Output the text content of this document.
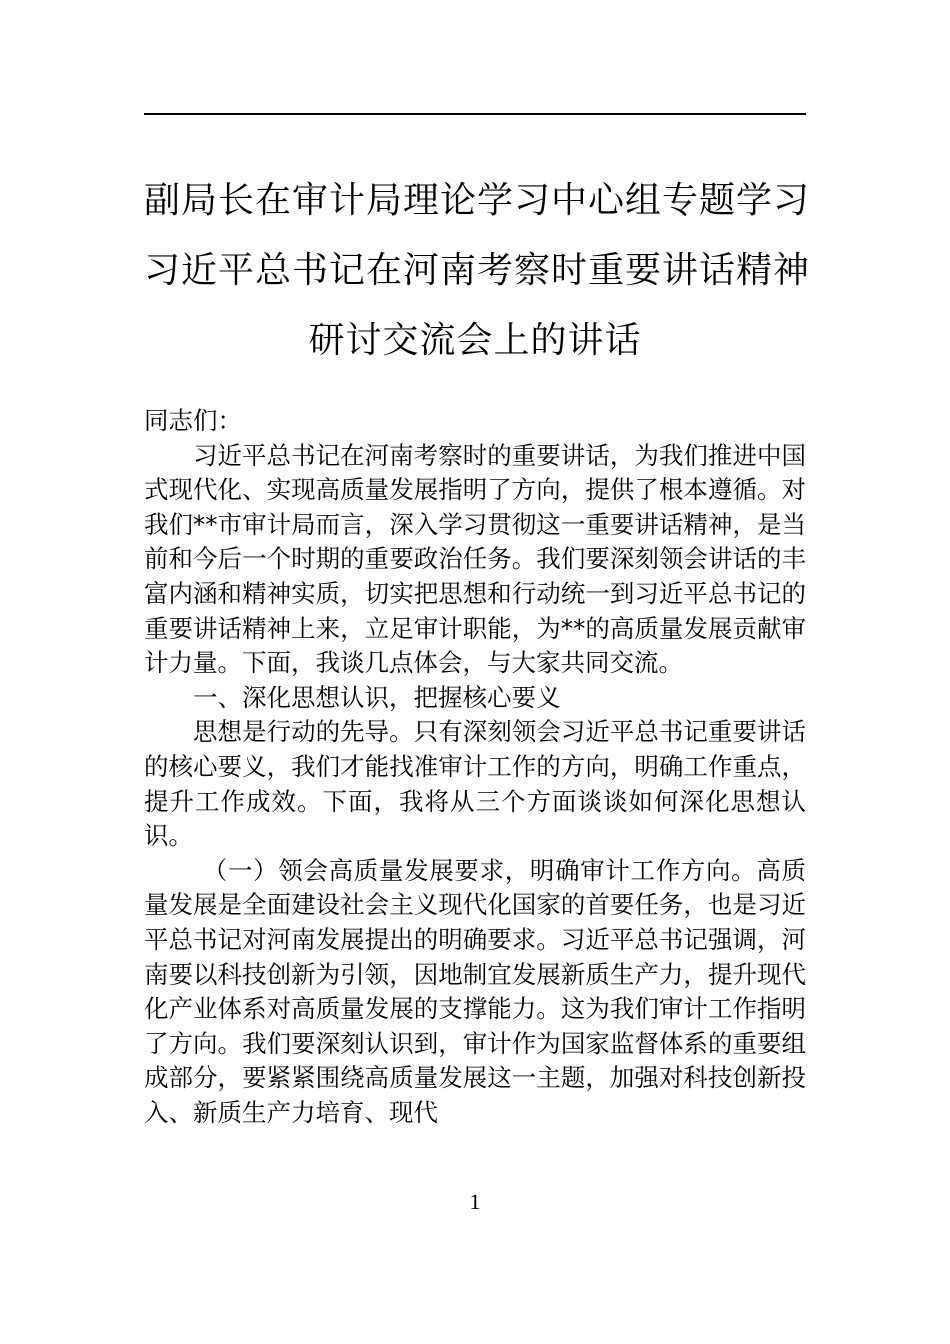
副局长在审计局理论学习中心组专题学习
习近平总书记在河南考察时重要讲话精神
研讨交流会上的讲话

同志们：

习近平总书记在河南考察时的重要讲话，为我们推进中国式现代化、实现高质量发展指明了方向，提供了根本遵循。对我们**市审计局而言，深入学习贯彻这一重要讲话精神，是当前和今后一个时期的重要政治任务。我们要深刻领会讲话的丰富内涵和精神实质，切实把思想和行动统一到习近平总书记的重要讲话精神上来，立足审计职能，为**的高质量发展贡献审计力量。下面，我谈几点体会，与大家共同交流。

一、深化思想认识，把握核心要义

思想是行动的先导。只有深刻领会习近平总书记重要讲话的核心要义，我们才能找准审计工作的方向，明确工作重点，提升工作成效。下面，我将从三个方面谈谈如何深化思想认识。

（一）领会高质量发展要求，明确审计工作方向。高质量发展是全面建设社会主义现代化国家的首要任务，也是习近平总书记对河南发展提出的明确要求。习近平总书记强调，河南要以科技创新为引领，因地制宜发展新质生产力，提升现代化产业体系对高质量发展的支撑能力。这为我们审计工作指明了方向。我们要深刻认识到，审计作为国家监督体系的重要组成部分，要紧紧围绕高质量发展这一主题，加强对科技创新投入、新质生产力培育、现代

1
